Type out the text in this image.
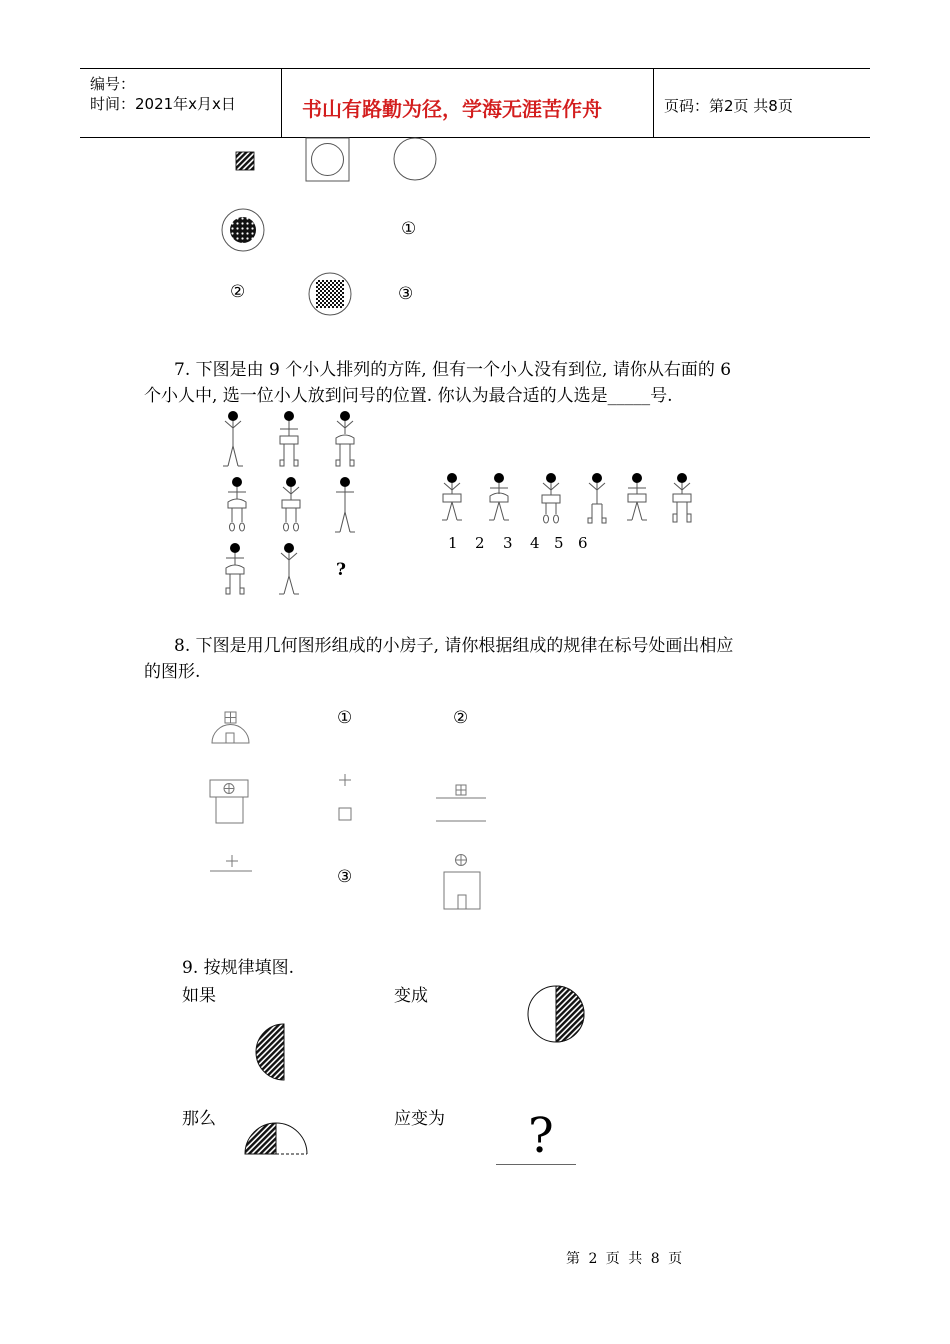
编号：
时间：2021年x月x日	书山有路勤为径，学海无涯苦作舟	页码：第2页 共8页
①
②	③
7. 下图是由 9 个小人排列的方阵, 但有一个小人没有到位, 请你从右面的 6
个小人中, 选一位小人放到问号的位置. 你认为最合适的人选是_____号.
?
1 2 3 4 5 6
8. 下图是用几何图形组成的小房子, 请你根据组成的规律在标号处画出相应
的图形.
①	②
③
9. 按规律填图.
如果	变成
那么	应变为 ?
第 2 页 共 8 页
